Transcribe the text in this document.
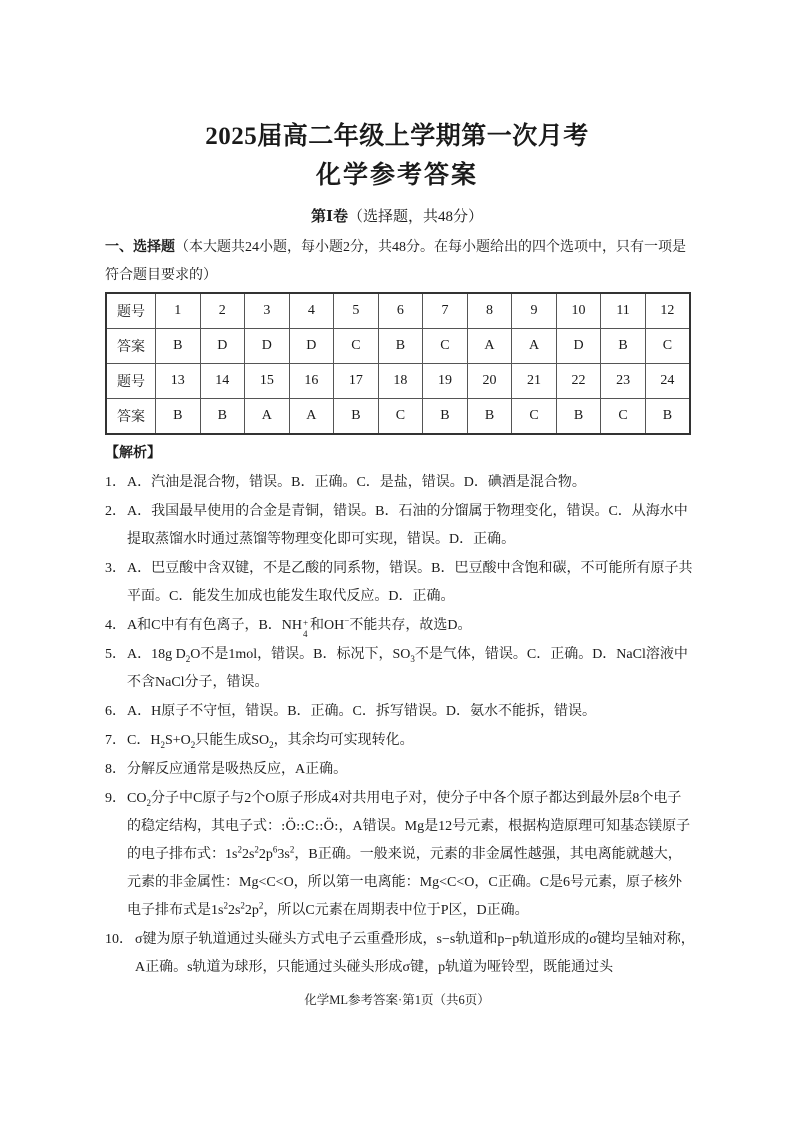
2025届高二年级上学期第一次月考
化学参考答案
第Ⅰ卷（选择题，共48分）
一、选择题（本大题共24小题，每小题2分，共48分。在每小题给出的四个选项中，只有一项是符合题目要求的）
题号	1	2	3	4	5	6	7	8	9	10	11	12
答案	B	D	D	D	C	B	C	A	A	D	B	C
题号	13	14	15	16	17	18	19	20	21	22	23	24
答案	B	B	A	A	B	C	B	B	C	B	C	B
【解析】
1． A．汽油是混合物，错误。B．正确。C．是盐，错误。D．碘酒是混合物。
2． A．我国最早使用的合金是青铜，错误。B．石油的分馏属于物理变化，错误。C．从海水中提取蒸馏水时通过蒸馏等物理变化即可实现，错误。D．正确。
3． A．巴豆酸中含双键，不是乙酸的同系物，错误。B．巴豆酸中含饱和碳，不可能所有原子共平面。C．能发生加成也能发生取代反应。D．正确。
4． A和C中有有色离子，B．NH +
4
和OH−不能共存，故选D。
5． A．18g $D_2O$不是1mol，错误。B．标况下，$SO_3$不是气体，错误。C．正确。D．NaCl溶液中不含NaCl分子，错误。
6． A．H原子不守恒，错误。B．正确。C．拆写错误。D．氨水不能拆，错误。
7． C．$H_2S+O_2$只能生成$SO_2$，其余均可实现转化。
8． 分解反应通常是吸热反应，A正确。
9． $CO_2$分子中C原子与2个O原子形成4对共用电子对，使分子中各个原子都达到最外层8个电子的稳定结构，其电子式：:Ö::C::Ö:，A错误。Mg是12号元素，根据构造原理可知基态镁原子的电子排布式：$1s^22s^22p^63s^2$，B正确。一般来说，元素的非金属性越强，其电离能就越大，元素的非金属性：Mg<C<O，所以第一电离能：Mg<C<O，C正确。C是6号元素，原子核外电子排布式是$1s^22s^22p^2$，所以C元素在周期表中位于P区，D正确。
10． σ键为原子轨道通过头碰头方式电子云重叠形成，s−s轨道和p−p轨道形成的σ键均呈轴对称，A正确。s轨道为球形，只能通过头碰头形成σ键，p轨道为哑铃型，既能通过头
化学ML参考答案·第1页（共6页）
